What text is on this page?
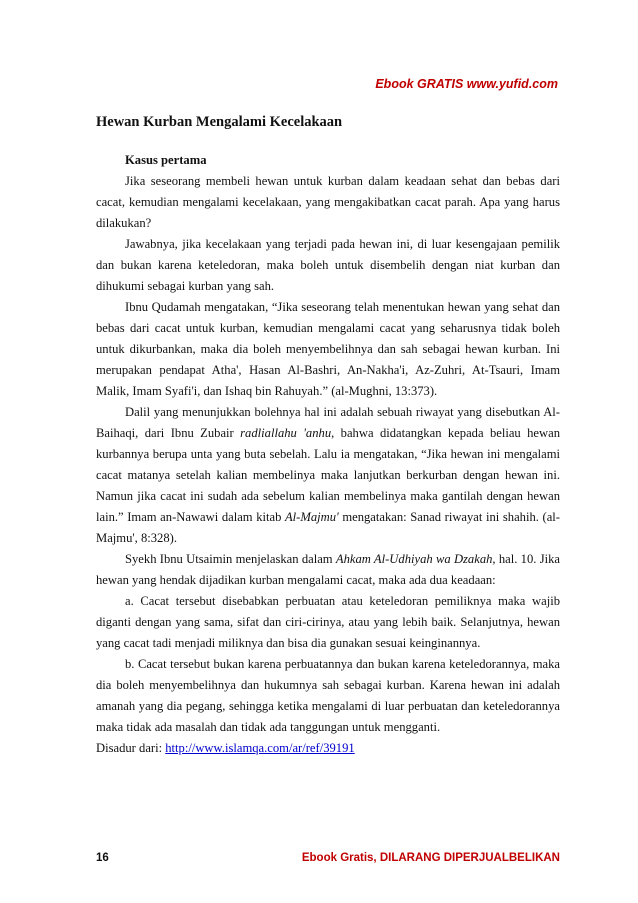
Ebook GRATIS www.yufid.com
Hewan Kurban Mengalami Kecelakaan

Kasus pertama

Jika seseorang membeli hewan untuk kurban dalam keadaan sehat dan bebas dari cacat, kemudian mengalami kecelakaan, yang mengakibatkan cacat parah. Apa yang harus dilakukan?

Jawabnya, jika kecelakaan yang terjadi pada hewan ini, di luar kesengajaan pemilik dan bukan karena keteledoran, maka boleh untuk disembelih dengan niat kurban dan dihukumi sebagai kurban yang sah.

Ibnu Qudamah mengatakan, “Jika seseorang telah menentukan hewan yang sehat dan bebas dari cacat untuk kurban, kemudian mengalami cacat yang seharusnya tidak boleh untuk dikurbankan, maka dia boleh menyembelihnya dan sah sebagai hewan kurban. Ini merupakan pendapat Atha', Hasan Al-Bashri, An-Nakha'i, Az-Zuhri, At-Tsauri, Imam Malik, Imam Syafi'i, dan Ishaq bin Rahuyah.” (al-Mughni, 13:373).

Dalil yang menunjukkan bolehnya hal ini adalah sebuah riwayat yang disebutkan Al-Baihaqi, dari Ibnu Zubair radliallahu 'anhu, bahwa didatangkan kepada beliau hewan kurbannya berupa unta yang buta sebelah. Lalu ia mengatakan, “Jika hewan ini mengalami cacat matanya setelah kalian membelinya maka lanjutkan berkurban dengan hewan ini. Namun jika cacat ini sudah ada sebelum kalian membelinya maka gantilah dengan hewan lain.” Imam an-Nawawi dalam kitab Al-Majmu' mengatakan: Sanad riwayat ini shahih. (al-Majmu', 8:328).

Syekh Ibnu Utsaimin menjelaskan dalam Ahkam Al-Udhiyah wa Dzakah, hal. 10. Jika hewan yang hendak dijadikan kurban mengalami cacat, maka ada dua keadaan:

a. Cacat tersebut disebabkan perbuatan atau keteledoran pemiliknya maka wajib diganti dengan yang sama, sifat dan ciri-cirinya, atau yang lebih baik. Selanjutnya, hewan yang cacat tadi menjadi miliknya dan bisa dia gunakan sesuai keinginannya.

b. Cacat tersebut bukan karena perbuatannya dan bukan karena keteledorannya, maka dia boleh menyembelihnya dan hukumnya sah sebagai kurban. Karena hewan ini adalah amanah yang dia pegang, sehingga ketika mengalami di luar perbuatan dan keteledorannya maka tidak ada masalah dan tidak ada tanggungan untuk mengganti.

Disadur dari: http://www.islamqa.com/ar/ref/39191

16	Ebook Gratis, DILARANG DIPERJUALBELIKAN
